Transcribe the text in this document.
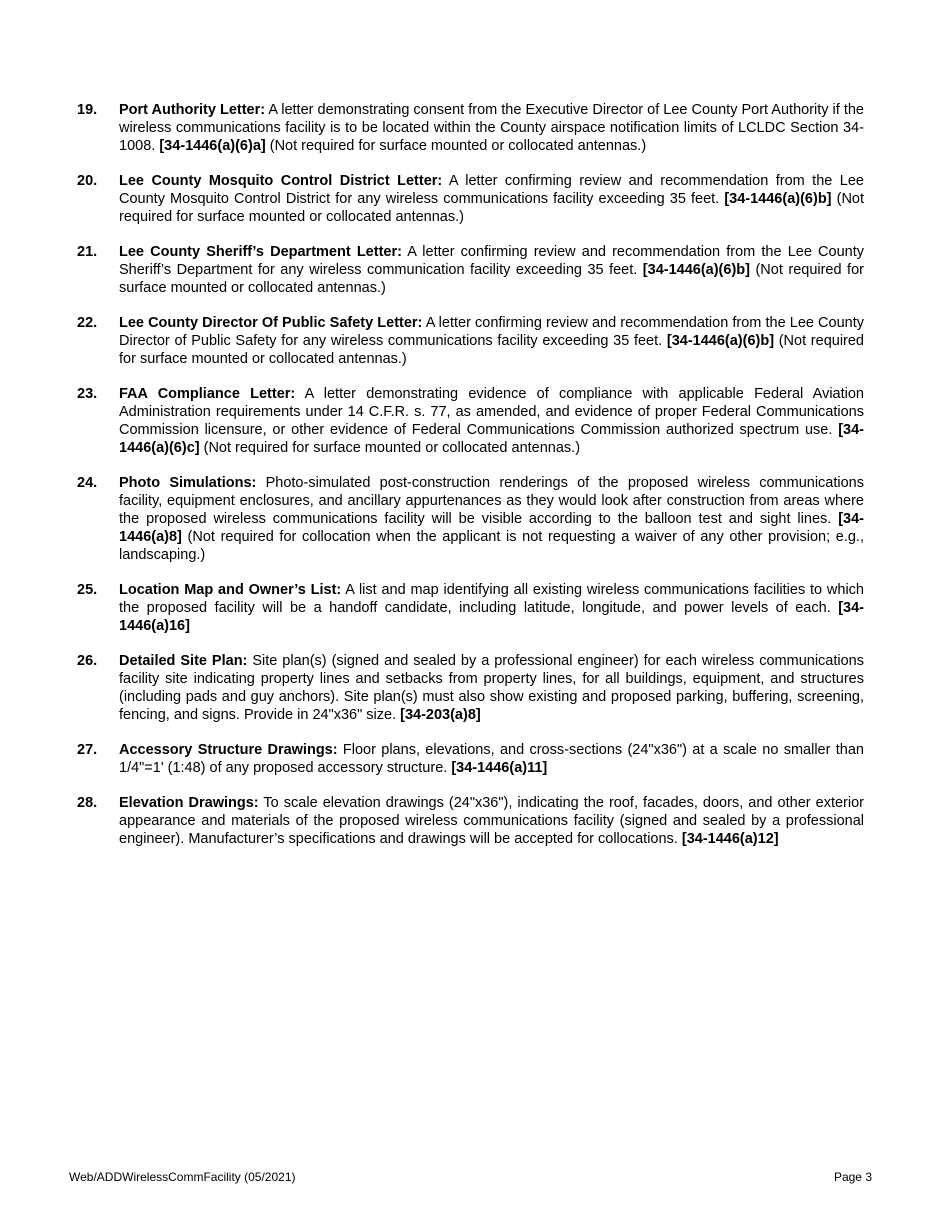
19.	Port Authority Letter: A letter demonstrating consent from the Executive Director of Lee County Port Authority if the wireless communications facility is to be located within the County airspace notification limits of LCLDC Section 34-1008. [34-1446(a)(6)a] (Not required for surface mounted or collocated antennas.)
20.	Lee County Mosquito Control District Letter: A letter confirming review and recommendation from the Lee County Mosquito Control District for any wireless communications facility exceeding 35 feet. [34-1446(a)(6)b] (Not required for surface mounted or collocated antennas.)
21.	Lee County Sheriff’s Department Letter: A letter confirming review and recommendation from the Lee County Sheriff’s Department for any wireless communication facility exceeding 35 feet. [34-1446(a)(6)b] (Not required for surface mounted or collocated antennas.)
22.	Lee County Director Of Public Safety Letter: A letter confirming review and recommendation from the Lee County Director of Public Safety for any wireless communications facility exceeding 35 feet. [34-1446(a)(6)b] (Not required for surface mounted or collocated antennas.)
23.	FAA Compliance Letter: A letter demonstrating evidence of compliance with applicable Federal Aviation Administration requirements under 14 C.F.R. s. 77, as amended, and evidence of proper Federal Communications Commission licensure, or other evidence of Federal Communications Commission authorized spectrum use. [34-1446(a)(6)c] (Not required for surface mounted or collocated antennas.)
24.	Photo Simulations: Photo-simulated post-construction renderings of the proposed wireless communications facility, equipment enclosures, and ancillary appurtenances as they would look after construction from areas where the proposed wireless communications facility will be visible according to the balloon test and sight lines. [34-1446(a)8] (Not required for collocation when the applicant is not requesting a waiver of any other provision; e.g., landscaping.)
25.	Location Map and Owner’s List: A list and map identifying all existing wireless communications facilities to which the proposed facility will be a handoff candidate, including latitude, longitude, and power levels of each. [34-1446(a)16]
26.	Detailed Site Plan: Site plan(s) (signed and sealed by a professional engineer) for each wireless communications facility site indicating property lines and setbacks from property lines, for all buildings, equipment, and structures (including pads and guy anchors). Site plan(s) must also show existing and proposed parking, buffering, screening, fencing, and signs. Provide in 24"x36" size. [34-203(a)8]
27.	Accessory Structure Drawings: Floor plans, elevations, and cross-sections (24"x36") at a scale no smaller than 1/4"=1' (1:48) of any proposed accessory structure. [34-1446(a)11]
28.	Elevation Drawings: To scale elevation drawings (24"x36"), indicating the roof, facades, doors, and other exterior appearance and materials of the proposed wireless communications facility (signed and sealed by a professional engineer). Manufacturer’s specifications and drawings will be accepted for collocations. [34-1446(a)12]
Web/ADDWirelessCommFacility (05/2021)	Page 3
